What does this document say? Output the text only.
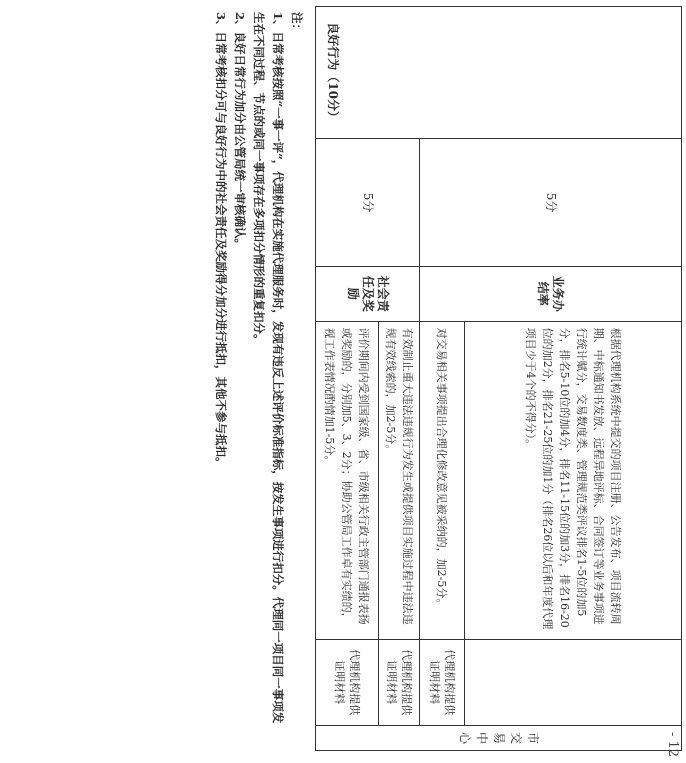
- 12
良好行为（10分）	5分	业务办结率	根据代理机构系统中提交的项目注册、公告发布、项目流转周期、中标通知书发放、远程异地评标、合同签订等业务事项进行统计赋分，交易数度类、管理规范类评议排名1-5位的加5分，排名5-10位的加4分，排名11-15位的加3分，排名16-20位的加2分，排名21-25位的加1分（排名26位以后和年度代理项目少于4个的不得分）。		市交易中心
			对交易相关事项提出合理化修改意见被采纳的，加2-5分。	代理机构提供证明材料	
	5分	社会责任及奖励	有效制止重大违法违规行为发生或提供项目实施过程中违法违规有效线索的，加2-5分。	代理机构提供证明材料	
			评价期间内受到国家级、省、市级相关行政主管部门通报表扬或奖励的，分别加5、3、2分；协助公管局工作卓有实绩的，视工作表情况酌情加1-5分。	代理机构提供证明材料	
注：
1、日常考核按照“一事一评”，代理机构在实施代理服务时，发现有违反上述评价标准指标，按发生事项进行扣分。代理同一项目同一事项发生在不同过程、节点的或同一事项存在多项扣分情形的重复扣分。
2、良好日常行为加分由公管局统一审核确认。
3、日常考核扣分可与良好行为中的社会责任及奖励得分加分进行抵扣，其他不参与抵扣。
